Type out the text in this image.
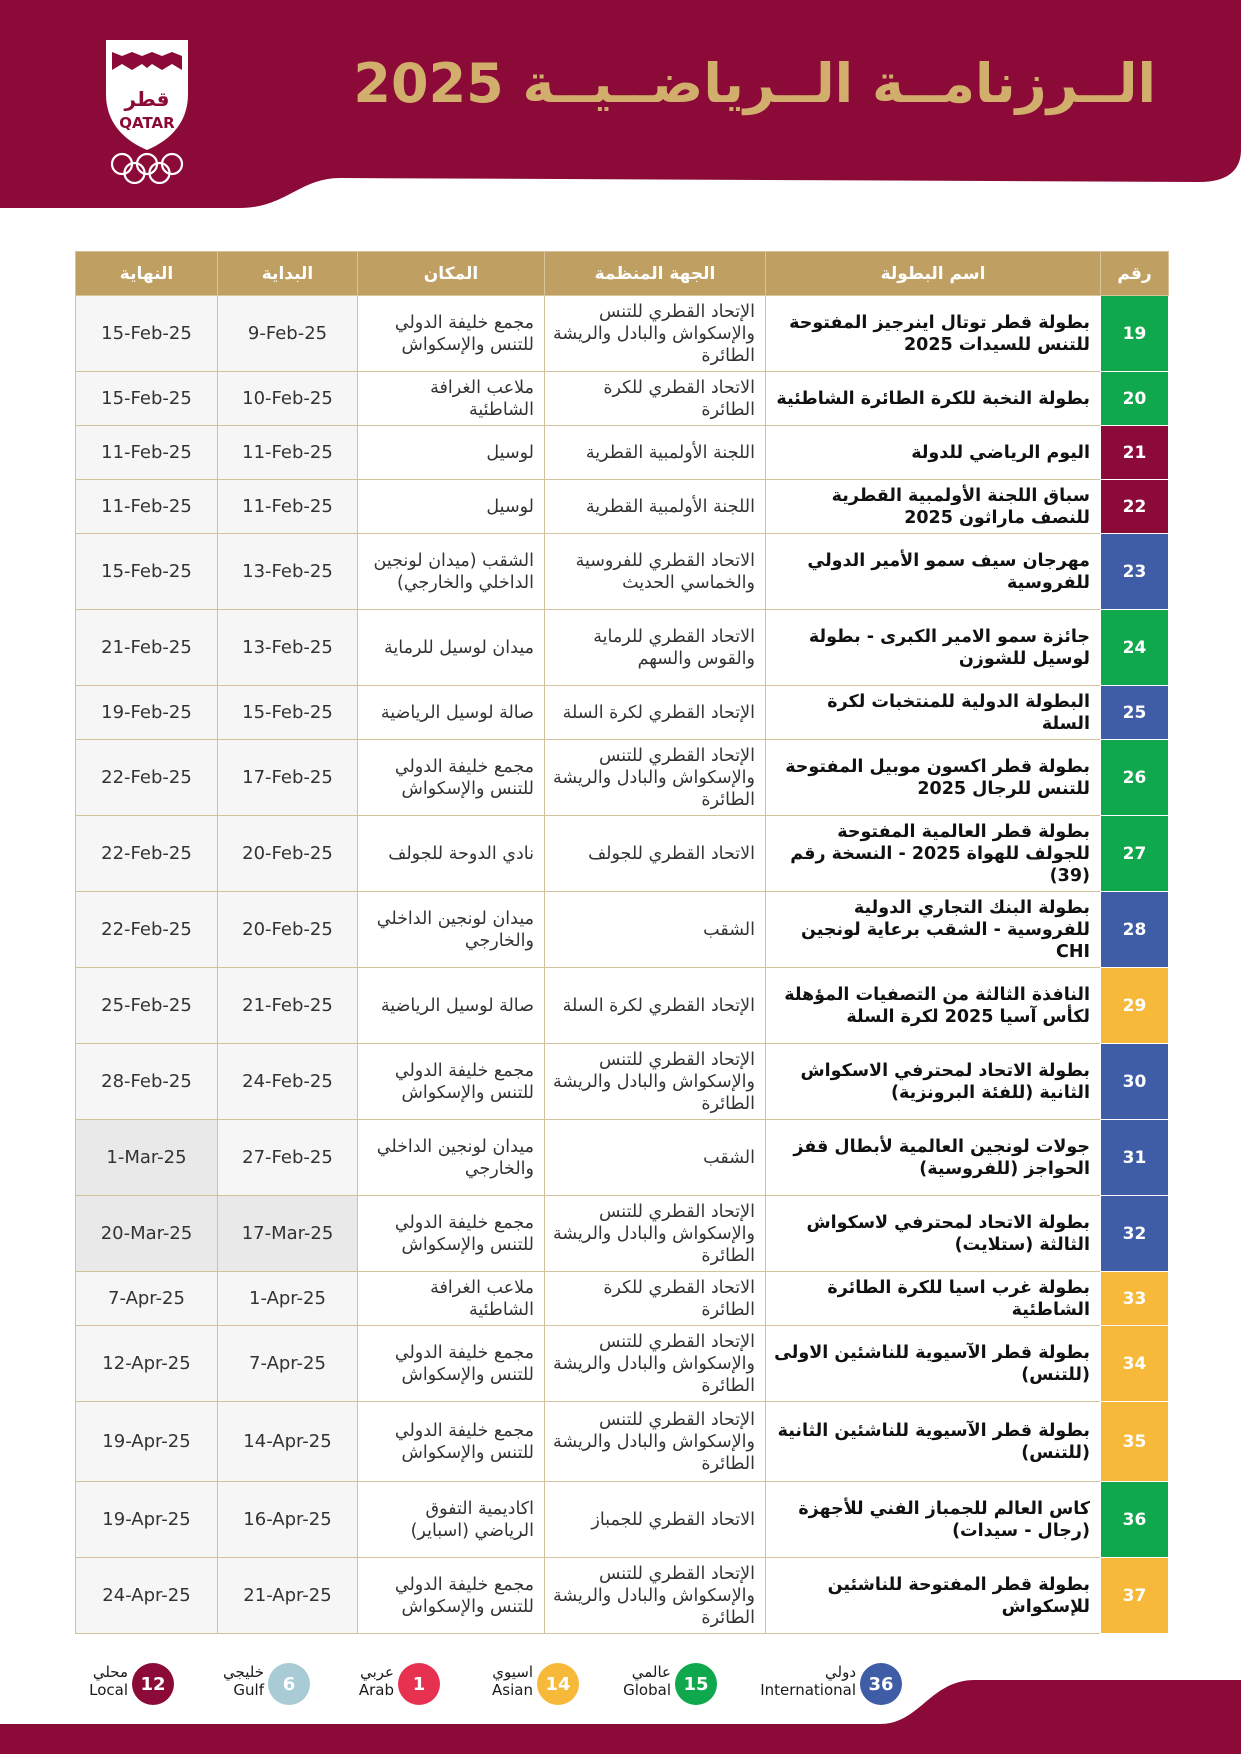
قطر
QATAR
الــرزنامــة الــرياضــيــة 2025
رقم	اسم البطولة	الجهة المنظمة	المكان	البداية	النهاية
19	بطولة قطر توتال اينرجيز المفتوحة للتنس للسيدات 2025	الإتحاد القطري للتنس والإسكواش والبادل والريشة الطائرة	مجمع خليفة الدولي للتنس والإسكواش	9-Feb-25	15-Feb-25
20	بطولة النخبة للكرة الطائرة الشاطئية	الاتحاد القطري للكرة الطائرة	ملاعب الغرافة الشاطئية	10-Feb-25	15-Feb-25
21	اليوم الرياضي للدولة	اللجنة الأولمبية القطرية	لوسيل	11-Feb-25	11-Feb-25
22	سباق اللجنة الأولمبية القطرية للنصف ماراثون 2025	اللجنة الأولمبية القطرية	لوسيل	11-Feb-25	11-Feb-25
23	مهرجان سيف سمو الأمير الدولي للفروسية	الاتحاد القطري للفروسية والخماسي الحديث	الشقب (ميدان لونجين الداخلي والخارجي)	13-Feb-25	15-Feb-25
24	جائزة سمو الامير الكبرى - بطولة لوسيل للشوزن	الاتحاد القطري للرماية والقوس والسهم	ميدان لوسيل للرماية	13-Feb-25	21-Feb-25
25	البطولة الدولية للمنتخبات لكرة السلة	الإتحاد القطري لكرة السلة	صالة لوسيل الرياضية	15-Feb-25	19-Feb-25
26	بطولة قطر اكسون موبيل المفتوحة للتنس للرجال 2025	الإتحاد القطري للتنس والإسكواش والبادل والريشة الطائرة	مجمع خليفة الدولي للتنس والإسكواش	17-Feb-25	22-Feb-25
27	بطولة قطر العالمية المفتوحة للجولف للهواة 2025 - النسخة رقم (39)	الاتحاد القطري للجولف	نادي الدوحة للجولف	20-Feb-25	22-Feb-25
28	بطولة البنك التجاري الدولية للفروسية - الشقب برعاية لونجين CHI	الشقب	ميدان لونجين الداخلي والخارجي	20-Feb-25	22-Feb-25
29	النافذة الثالثة من التصفيات المؤهلة لكأس آسيا 2025 لكرة السلة	الإتحاد القطري لكرة السلة	صالة لوسيل الرياضية	21-Feb-25	25-Feb-25
30	بطولة الاتحاد لمحترفي الاسكواش الثانية (للفئة البرونزية)	الإتحاد القطري للتنس والإسكواش والبادل والريشة الطائرة	مجمع خليفة الدولي للتنس والإسكواش	24-Feb-25	28-Feb-25
31	جولات لونجين العالمية لأبطال قفز الحواجز (للفروسية)	الشقب	ميدان لونجين الداخلي والخارجي	27-Feb-25	1-Mar-25
32	بطولة الاتحاد لمحترفي لاسكواش الثالثة (ستلايت)	الإتحاد القطري للتنس والإسكواش والبادل والريشة الطائرة	مجمع خليفة الدولي للتنس والإسكواش	17-Mar-25	20-Mar-25
33	بطولة غرب اسيا للكرة الطائرة الشاطئية	الاتحاد القطري للكرة الطائرة	ملاعب الغرافة الشاطئية	1-Apr-25	7-Apr-25
34	بطولة قطر الآسيوية للناشئين الاولى (للتنس)	الإتحاد القطري للتنس والإسكواش والبادل والريشة الطائرة	مجمع خليفة الدولي للتنس والإسكواش	7-Apr-25	12-Apr-25
35	بطولة قطر الآسيوية للناشئين الثانية (للتنس)	الإتحاد القطري للتنس والإسكواش والبادل والريشة الطائرة	مجمع خليفة الدولي للتنس والإسكواش	14-Apr-25	19-Apr-25
36	كاس العالم للجمباز الفني للأجهزة (رجال - سيدات)	الاتحاد القطري للجمباز	اكاديمية التفوق الرياضي (اسباير)	16-Apr-25	19-Apr-25
37	بطولة قطر المفتوحة للناشئين للإسكواش	الإتحاد القطري للتنس والإسكواش والبادل والريشة الطائرة	مجمع خليفة الدولي للتنس والإسكواش	21-Apr-25	24-Apr-25
12
محلي
Local	6
خليجي
Gulf	1
عربي
Arab	14
اسيوي
Asian	15
عالمي
Global	36
دولي
International
